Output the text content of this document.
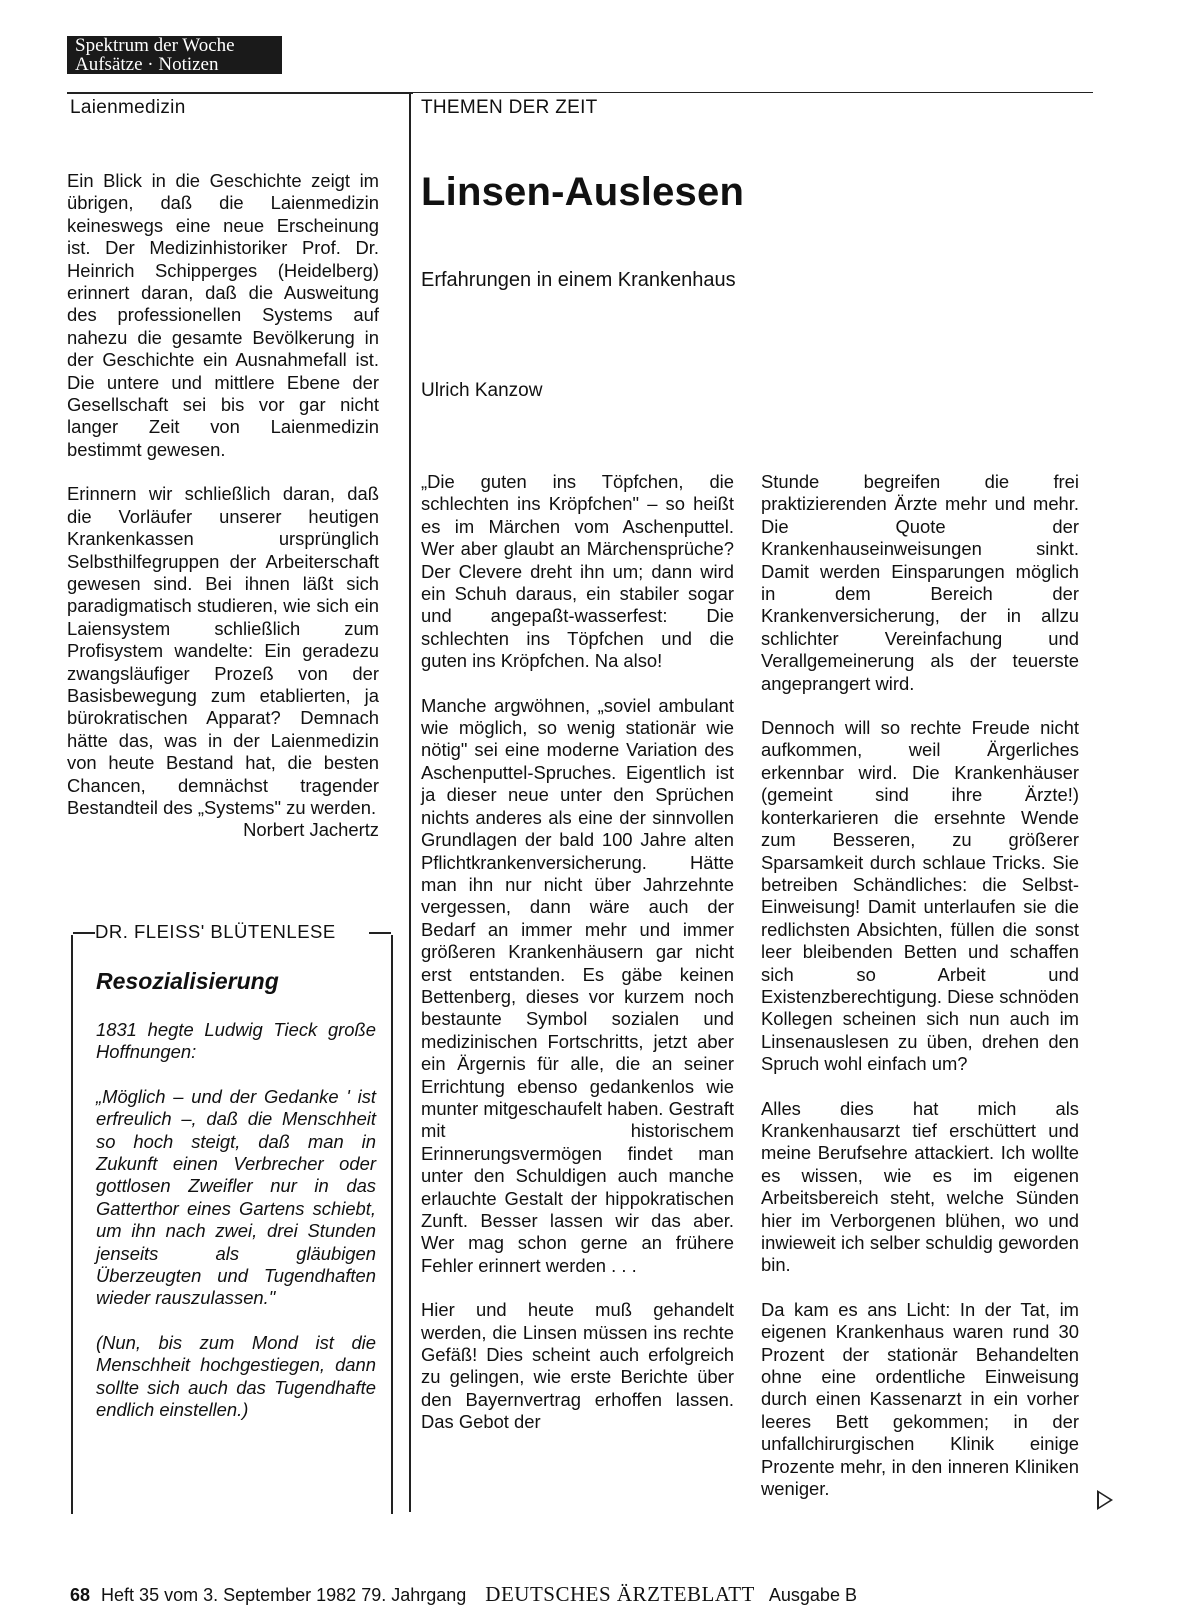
Spektrum der Woche
Aufsätze · Notizen
Laienmedizin

Ein Blick in die Geschichte zeigt im übrigen, daß die Laienmedizin keineswegs eine neue Erscheinung ist. Der Medizinhistoriker Prof. Dr. Heinrich Schipperges (Heidelberg) erinnert daran, daß die Ausweitung des professionellen Systems auf nahezu die gesamte Bevölkerung in der Geschichte ein Ausnahmefall ist. Die untere und mittlere Ebene der Gesellschaft sei bis vor gar nicht langer Zeit von Laienmedizin bestimmt gewesen.

Erinnern wir schließlich daran, daß die Vorläufer unserer heutigen Krankenkassen ursprünglich Selbsthilfegruppen der Arbeiterschaft gewesen sind. Bei ihnen läßt sich paradigmatisch studieren, wie sich ein Laiensystem schließlich zum Profisystem wandelte: Ein geradezu zwangsläufiger Prozeß von der Basisbewegung zum etablierten, ja bürokratischen Apparat? Demnach hätte das, was in der Laienmedizin von heute Bestand hat, die besten Chancen, demnächst tragender Bestandteil des „Systems" zu werden.

Norbert Jachertz
DR. FLEISS' BLÜTENLESE
Resozialisierung

1831 hegte Ludwig Tieck große Hoffnungen:

„Möglich – und der Gedanke ' ist erfreulich –, daß die Menschheit so hoch steigt, daß man in Zukunft einen Verbrecher oder gottlosen Zweifler nur in das Gatterthor eines Gartens schiebt, um ihn nach zwei, drei Stunden jenseits als gläubigen Überzeugten und Tugendhaften wieder rauszulassen."

(Nun, bis zum Mond ist die Menschheit hochgestiegen, dann sollte sich auch das Tugendhafte endlich einstellen.)

THEMEN DER ZEIT
Linsen-Auslesen
Erfahrungen in einem Krankenhaus
Ulrich Kanzow

„Die guten ins Töpfchen, die schlechten ins Kröpfchen" – so heißt es im Märchen vom Aschenputtel. Wer aber glaubt an Märchensprüche? Der Clevere dreht ihn um; dann wird ein Schuh daraus, ein stabiler sogar und angepaßt-wasserfest: Die schlechten ins Töpfchen und die guten ins Kröpfchen. Na also!

Manche argwöhnen, „soviel ambulant wie möglich, so wenig stationär wie nötig" sei eine moderne Variation des Aschenputtel-Spruches. Eigentlich ist ja dieser neue unter den Sprüchen nichts anderes als eine der sinnvollen Grundlagen der bald 100 Jahre alten Pflichtkrankenversicherung. Hätte man ihn nur nicht über Jahrzehnte vergessen, dann wäre auch der Bedarf an immer mehr und immer größeren Krankenhäusern gar nicht erst entstanden. Es gäbe keinen Bettenberg, dieses vor kurzem noch bestaunte Symbol sozialen und medizinischen Fortschritts, jetzt aber ein Ärgernis für alle, die an seiner Errichtung ebenso gedankenlos wie munter mitgeschaufelt haben. Gestraft mit historischem Erinnerungsvermögen findet man unter den Schuldigen auch manche erlauchte Gestalt der hippokratischen Zunft. Besser lassen wir das aber. Wer mag schon gerne an frühere Fehler erinnert werden . . .

Hier und heute muß gehandelt werden, die Linsen müssen ins rechte Gefäß! Dies scheint auch erfolgreich zu gelingen, wie erste Berichte über den Bayernvertrag erhoffen lassen. Das Gebot der

Stunde begreifen die frei praktizierenden Ärzte mehr und mehr. Die Quote der Krankenhauseinweisungen sinkt. Damit werden Einsparungen möglich in dem Bereich der Krankenversicherung, der in allzu schlichter Vereinfachung und Verallgemeinerung als der teuerste angeprangert wird.

Dennoch will so rechte Freude nicht aufkommen, weil Ärgerliches erkennbar wird. Die Krankenhäuser (gemeint sind ihre Ärzte!) konterkarieren die ersehnte Wende zum Besseren, zu größerer Sparsamkeit durch schlaue Tricks. Sie betreiben Schändliches: die Selbst-Einweisung! Damit unterlaufen sie die redlichsten Absichten, füllen die sonst leer bleibenden Betten und schaffen sich so Arbeit und Existenzberechtigung. Diese schnöden Kollegen scheinen sich nun auch im Linsenauslesen zu üben, drehen den Spruch wohl einfach um?

Alles dies hat mich als Krankenhausarzt tief erschüttert und meine Berufsehre attackiert. Ich wollte es wissen, wie es im eigenen Arbeitsbereich steht, welche Sünden hier im Verborgenen blühen, wo und inwieweit ich selber schuldig geworden bin.

Da kam es ans Licht: In der Tat, im eigenen Krankenhaus waren rund 30 Prozent der stationär Behandelten ohne eine ordentliche Einweisung durch einen Kassenarzt in ein vorher leeres Bett gekommen; in der unfallchirurgischen Klinik einige Prozente mehr, in den inneren Kliniken weniger.

68 Heft 35 vom 3. September 1982 79. Jahrgang DEUTSCHES ÄRZTEBLATT Ausgabe B
